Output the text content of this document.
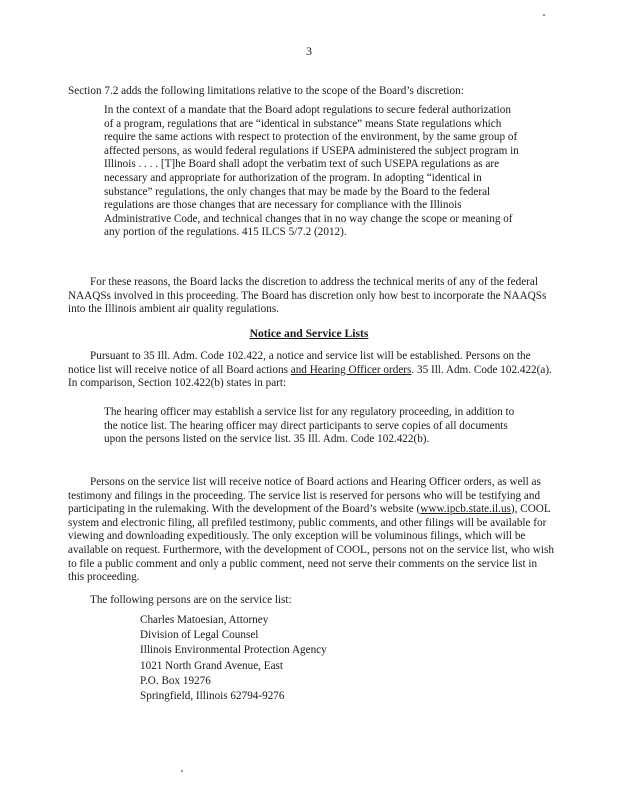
3

Section 7.2 adds the following limitations relative to the scope of the Board’s discretion:

In the context of a mandate that the Board adopt regulations to secure federal authorization of a program, regulations that are “identical in substance” means State regulations which require the same actions with respect to protection of the environment, by the same group of affected persons, as would federal regulations if USEPA administered the subject program in Illinois . . . . [T]he Board shall adopt the verbatim text of such USEPA regulations as are necessary and appropriate for authorization of the program. In adopting “identical in substance” regulations, the only changes that may be made by the Board to the federal regulations are those changes that are necessary for compliance with the Illinois Administrative Code, and technical changes that in no way change the scope or meaning of any portion of the regulations. 415 ILCS 5/7.2 (2012).

For these reasons, the Board lacks the discretion to address the technical merits of any of the federal NAAQSs involved in this proceeding. The Board has discretion only how best to incorporate the NAAQSs into the Illinois ambient air quality regulations.

Notice and Service Lists

Pursuant to 35 Ill. Adm. Code 102.422, a notice and service list will be established. Persons on the notice list will receive notice of all Board actions and Hearing Officer orders. 35 Ill. Adm. Code 102.422(a). In comparison, Section 102.422(b) states in part:

The hearing officer may establish a service list for any regulatory proceeding, in addition to the notice list. The hearing officer may direct participants to serve copies of all documents upon the persons listed on the service list. 35 Ill. Adm. Code 102.422(b).

Persons on the service list will receive notice of Board actions and Hearing Officer orders, as well as testimony and filings in the proceeding. The service list is reserved for persons who will be testifying and participating in the rulemaking. With the development of the Board’s website (www.ipcb.state.il.us), COOL system and electronic filing, all prefiled testimony, public comments, and other filings will be available for viewing and downloading expeditiously. The only exception will be voluminous filings, which will be available on request. Furthermore, with the development of COOL, persons not on the service list, who wish to file a public comment and only a public comment, need not serve their comments on the service list in this proceeding.

The following persons are on the service list:

Charles Matoesian, Attorney
Division of Legal Counsel
Illinois Environmental Protection Agency
1021 North Grand Avenue, East
P.O. Box 19276
Springfield, Illinois 62794-9276
